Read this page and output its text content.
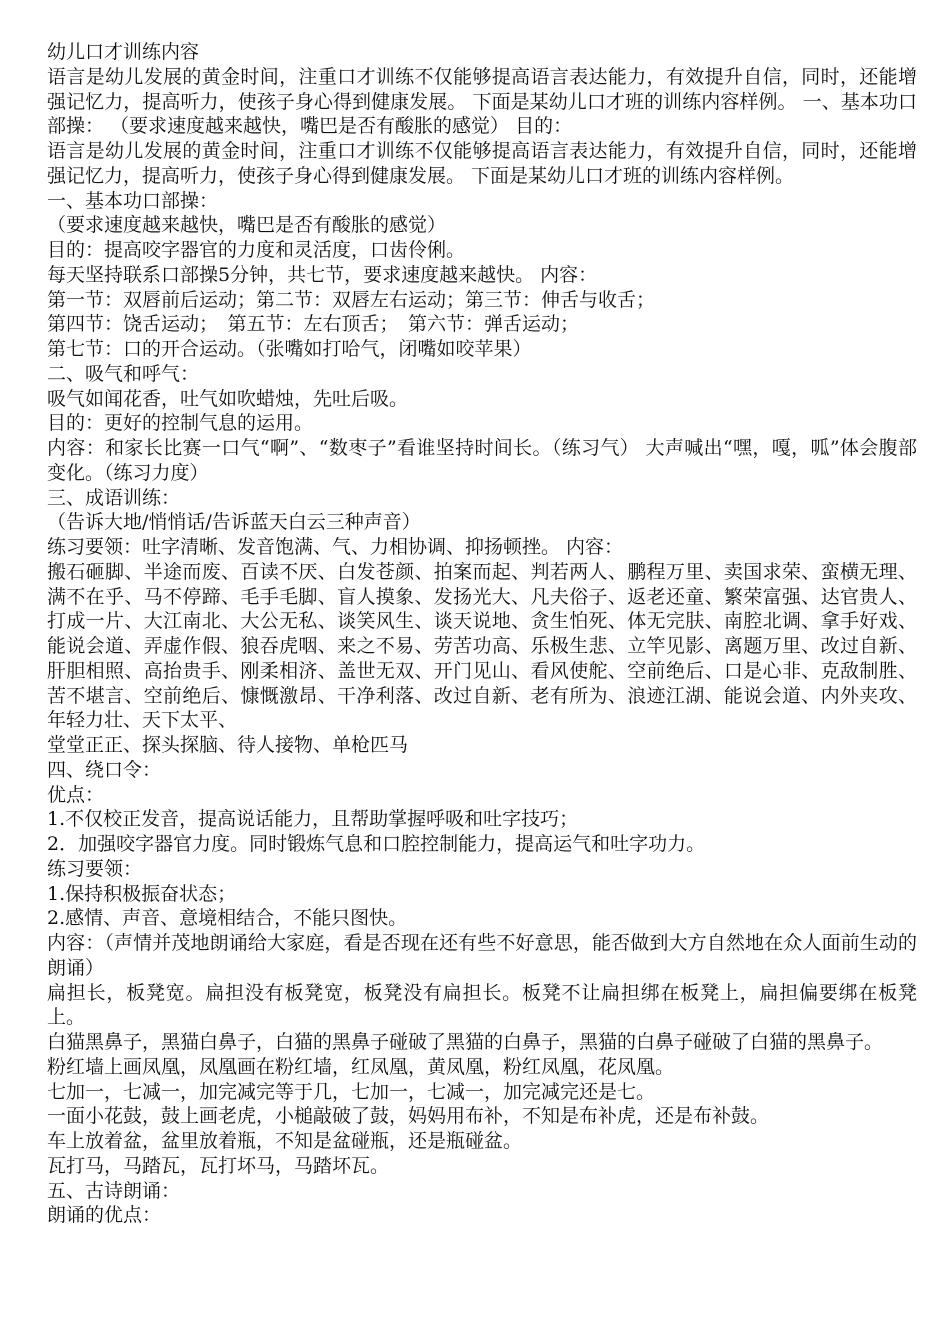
幼儿口才训练内容

语言是幼儿发展的黄金时间，注重口才训练不仅能够提高语言表达能力，有效提升自信，同时，还能增强记忆力，提高听力，使孩子身心得到健康发展。 下面是某幼儿口才班的训练内容样例。 一、基本功口部操： （要求速度越来越快，嘴巴是否有酸胀的感觉） 目的：

语言是幼儿发展的黄金时间，注重口才训练不仅能够提高语言表达能力，有效提升自信，同时，还能增强记忆力，提高听力，使孩子身心得到健康发展。 下面是某幼儿口才班的训练内容样例。

一、基本功口部操：

（要求速度越来越快，嘴巴是否有酸胀的感觉）

目的：提高咬字器官的力度和灵活度，口齿伶俐。

每天坚持联系口部操5分钟，共七节，要求速度越来越快。 内容：

第一节：双唇前后运动；第二节：双唇左右运动；第三节：伸舌与收舌；

第四节：饶舌运动；　第五节：左右顶舌；　第六节：弹舌运动；

第七节：口的开合运动。（张嘴如打哈气，闭嘴如咬苹果）

二、吸气和呼气：

吸气如闻花香，吐气如吹蜡烛，先吐后吸。

目的：更好的控制气息的运用。

内容：和家长比赛一口气“啊”、“数枣子”看谁坚持时间长。（练习气） 大声喊出“嘿，嘎，呱”体会腹部变化。（练习力度）

三、成语训练：

（告诉大地/悄悄话/告诉蓝天白云三种声音）

练习要领：吐字清晰、发音饱满、气、力相协调、抑扬顿挫。 内容：

搬石砸脚、半途而废、百读不厌、白发苍颜、拍案而起、判若两人、鹏程万里、卖国求荣、蛮横无理、满不在乎、马不停蹄、毛手毛脚、盲人摸象、发扬光大、凡夫俗子、返老还童、繁荣富强、达官贵人、打成一片、大江南北、大公无私、谈笑风生、谈天说地、贪生怕死、体无完肤、南腔北调、拿手好戏、能说会道、弄虚作假、狼吞虎咽、来之不易、劳苦功高、乐极生悲、立竿见影、离题万里、改过自新、肝胆相照、高抬贵手、刚柔相济、盖世无双、开门见山、看风使舵、空前绝后、口是心非、克敌制胜、苦不堪言、空前绝后、慷慨激昂、干净利落、改过自新、老有所为、浪迹江湖、能说会道、内外夹攻、年轻力壮、天下太平、

堂堂正正、探头探脑、待人接物、单枪匹马

四、绕口令：

优点：

1.不仅校正发音，提高说话能力，且帮助掌握呼吸和吐字技巧；

2．加强咬字器官力度。同时锻炼气息和口腔控制能力，提高运气和吐字功力。

练习要领：

1.保持积极振奋状态；

2.感情、声音、意境相结合，不能只图快。

内容：（声情并茂地朗诵给大家庭，看是否现在还有些不好意思，能否做到大方自然地在众人面前生动的朗诵）

扁担长，板凳宽。扁担没有板凳宽，板凳没有扁担长。板凳不让扁担绑在板凳上，扁担偏要绑在板凳上。

白猫黑鼻子，黑猫白鼻子，白猫的黑鼻子碰破了黑猫的白鼻子，黑猫的白鼻子碰破了白猫的黑鼻子。

粉红墙上画凤凰，凤凰画在粉红墙，红凤凰，黄凤凰，粉红凤凰，花凤凰。

七加一，七减一，加完减完等于几，七加一，七减一，加完减完还是七。

一面小花鼓，鼓上画老虎，小槌敲破了鼓，妈妈用布补，不知是布补虎，还是布补鼓。

车上放着盆，盆里放着瓶，不知是盆碰瓶，还是瓶碰盆。

瓦打马，马踏瓦，瓦打坏马，马踏坏瓦。

五、古诗朗诵：

朗诵的优点：
